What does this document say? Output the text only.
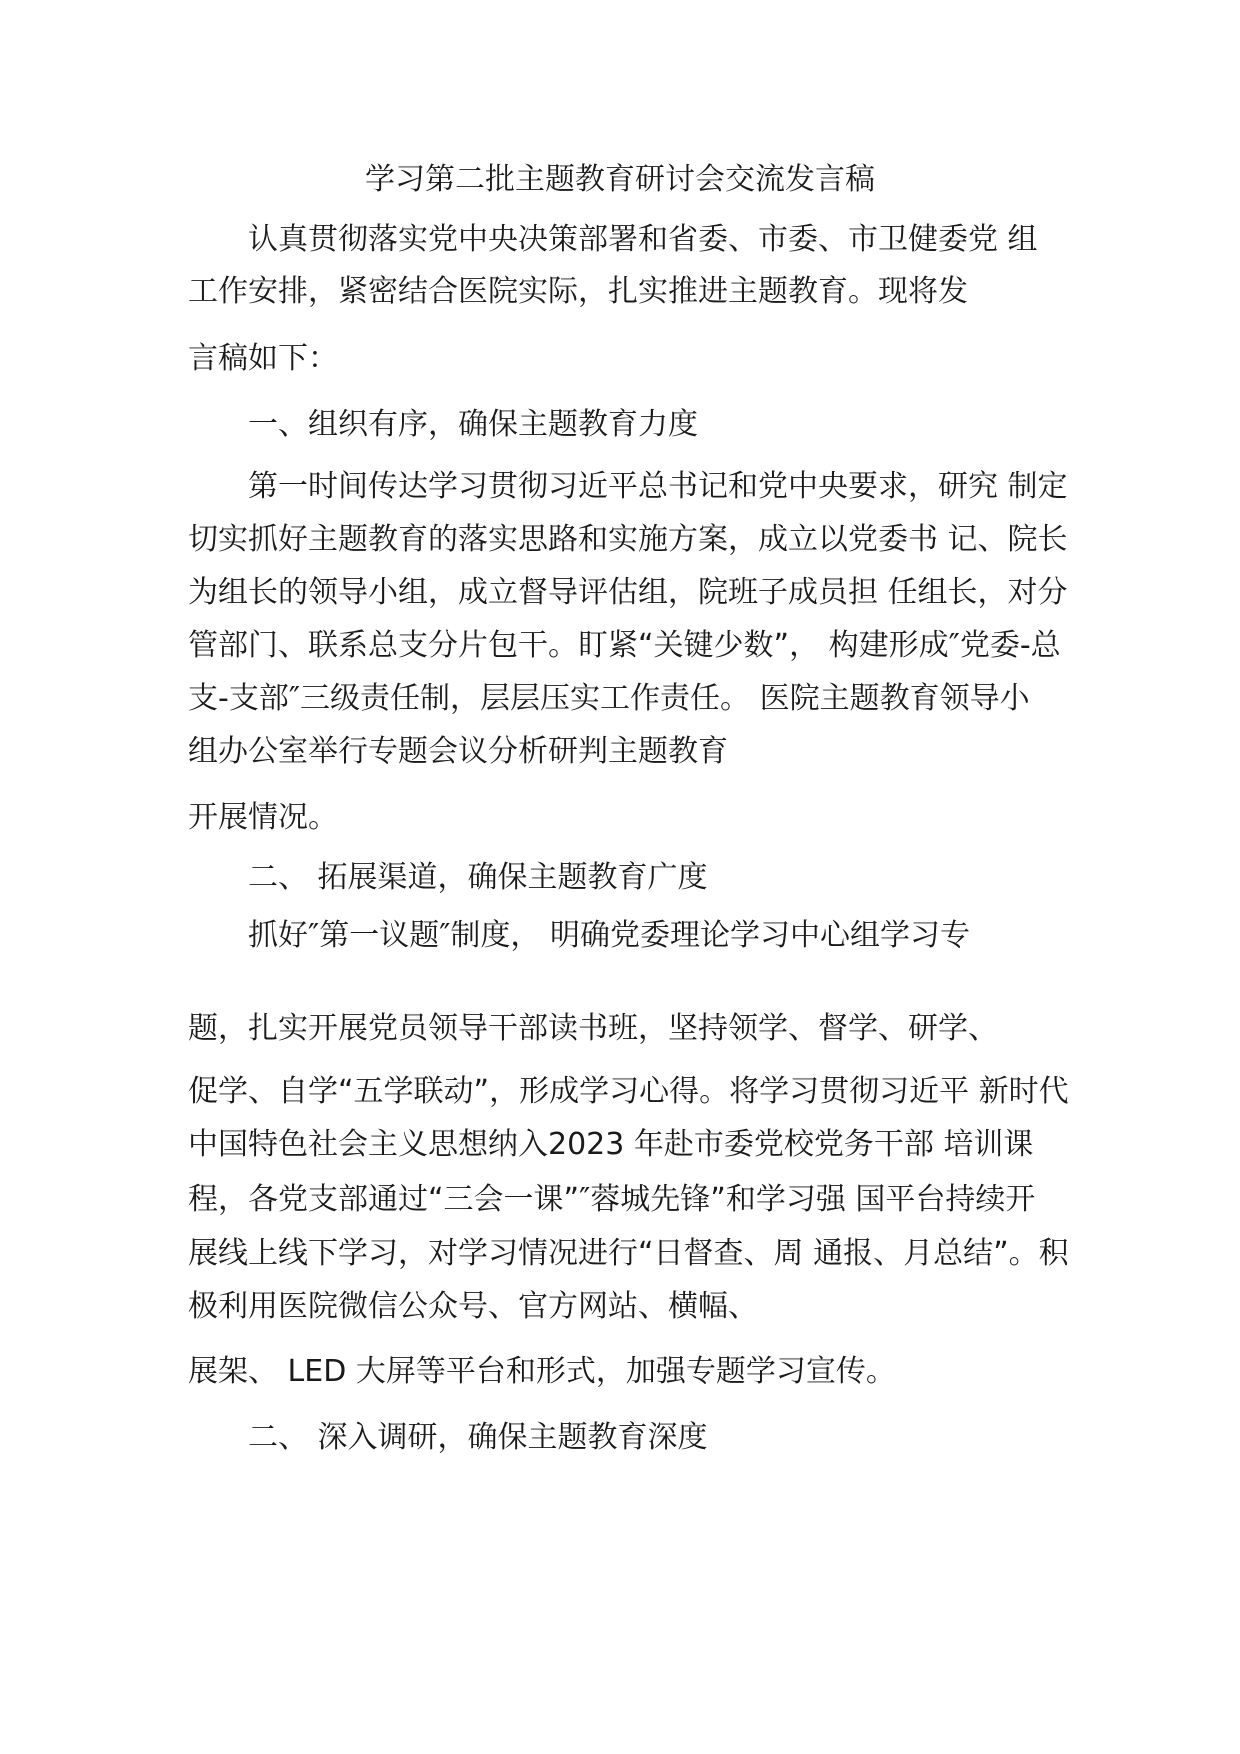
学习第二批主题教育研讨会交流发言稿
认真贯彻落实党中央决策部署和省委、市委、市卫健委党 组
工作安排，紧密结合医院实际，扎实推进主题教育。现将发
言稿如下：
一、组织有序，确保主题教育力度
第一时间传达学习贯彻习近平总书记和党中央要求，研究 制定
切实抓好主题教育的落实思路和实施方案，成立以党委书 记、院长
为组长的领导小组，成立督导评估组，院班子成员担 任组长，对分
管部门、联系总支分片包干。盯紧“关键少数”， 构建形成″党委-总
支-支部″三级责任制，层层压实工作责任。 医院主题教育领导小
组办公室举行专题会议分析研判主题教育
开展情况。
二、 拓展渠道，确保主题教育广度
抓好″第一议题″制度， 明确党委理论学习中心组学习专
题，扎实开展党员领导干部读书班，坚持领学、督学、研学、
促学、自学“五学联动”，形成学习心得。将学习贯彻习近平 新时代
中国特色社会主义思想纳入2023 年赴市委党校党务干部 培训课
程，各党支部通过“三会一课”″蓉城先锋”和学习强 国平台持续开
展线上线下学习，对学习情况进行“日督查、周 通报、月总结”。积
极利用医院微信公众号、官方网站、横幅、
展架、 LED 大屏等平台和形式，加强专题学习宣传。
二、 深入调研，确保主题教育深度
